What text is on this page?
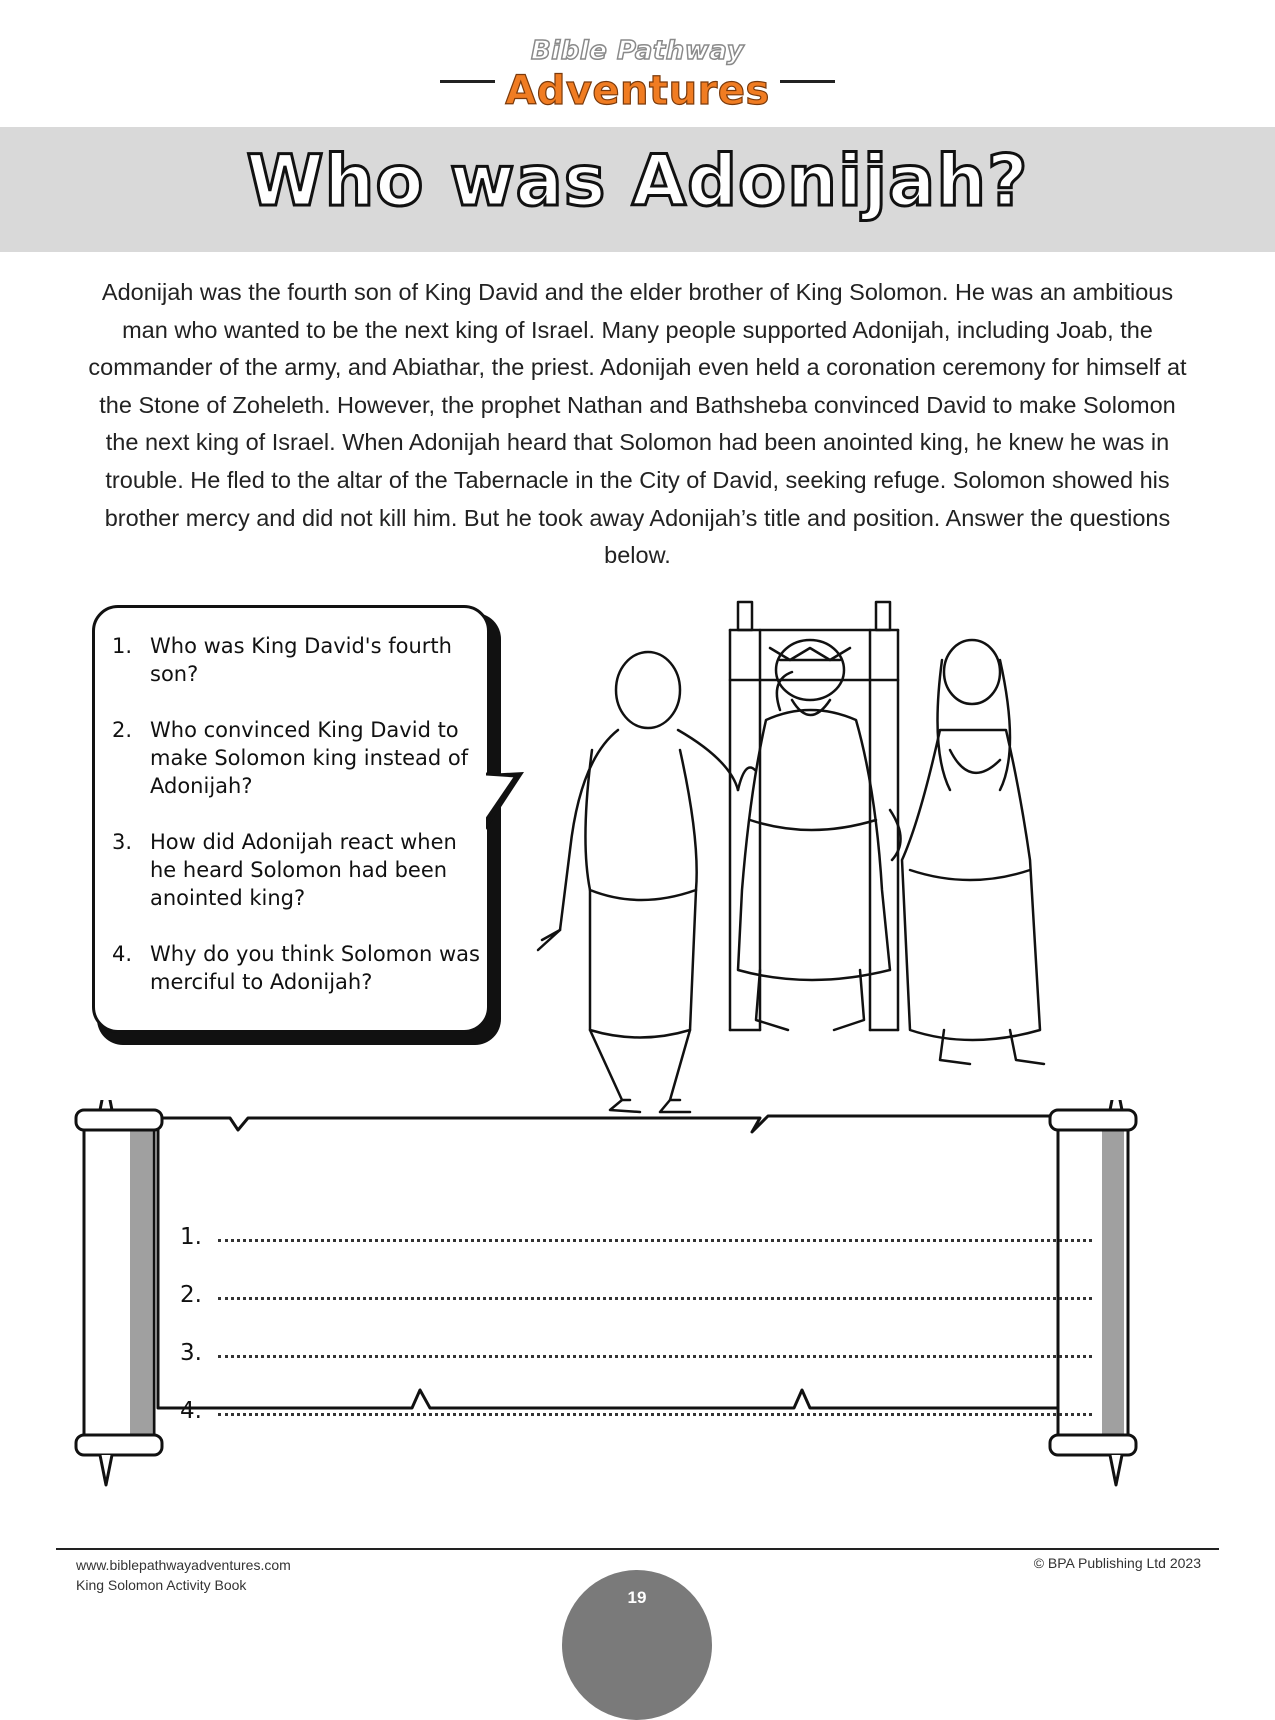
Bible Pathway
Adventures
Who was Adonijah?

Adonijah was the fourth son of King David and the elder brother of King Solomon. He was an ambitious man who wanted to be the next king of Israel. Many people supported Adonijah, including Joab, the commander of the army, and Abiathar, the priest. Adonijah even held a coronation ceremony for himself at the Stone of Zoheleth. However, the prophet Nathan and Bathsheba convinced David to make Solomon the next king of Israel. When Adonijah heard that Solomon had been anointed king, he knew he was in trouble. He fled to the altar of the Tabernacle in the City of David, seeking refuge. Solomon showed his brother mercy and did not kill him. But he took away Adonijah’s title and position. Answer the questions below.

1. Who was King David's fourth son?
2. Who convinced King David to make Solomon king instead of Adonijah?
3. How did Adonijah react when he heard Solomon had been anointed king?
4. Why do you think Solomon was merciful to Adonijah?
1.
2.
3.
4.
www.biblepathwayadventures.com
King Solomon Activity Book
© BPA Publishing Ltd 2023
19
